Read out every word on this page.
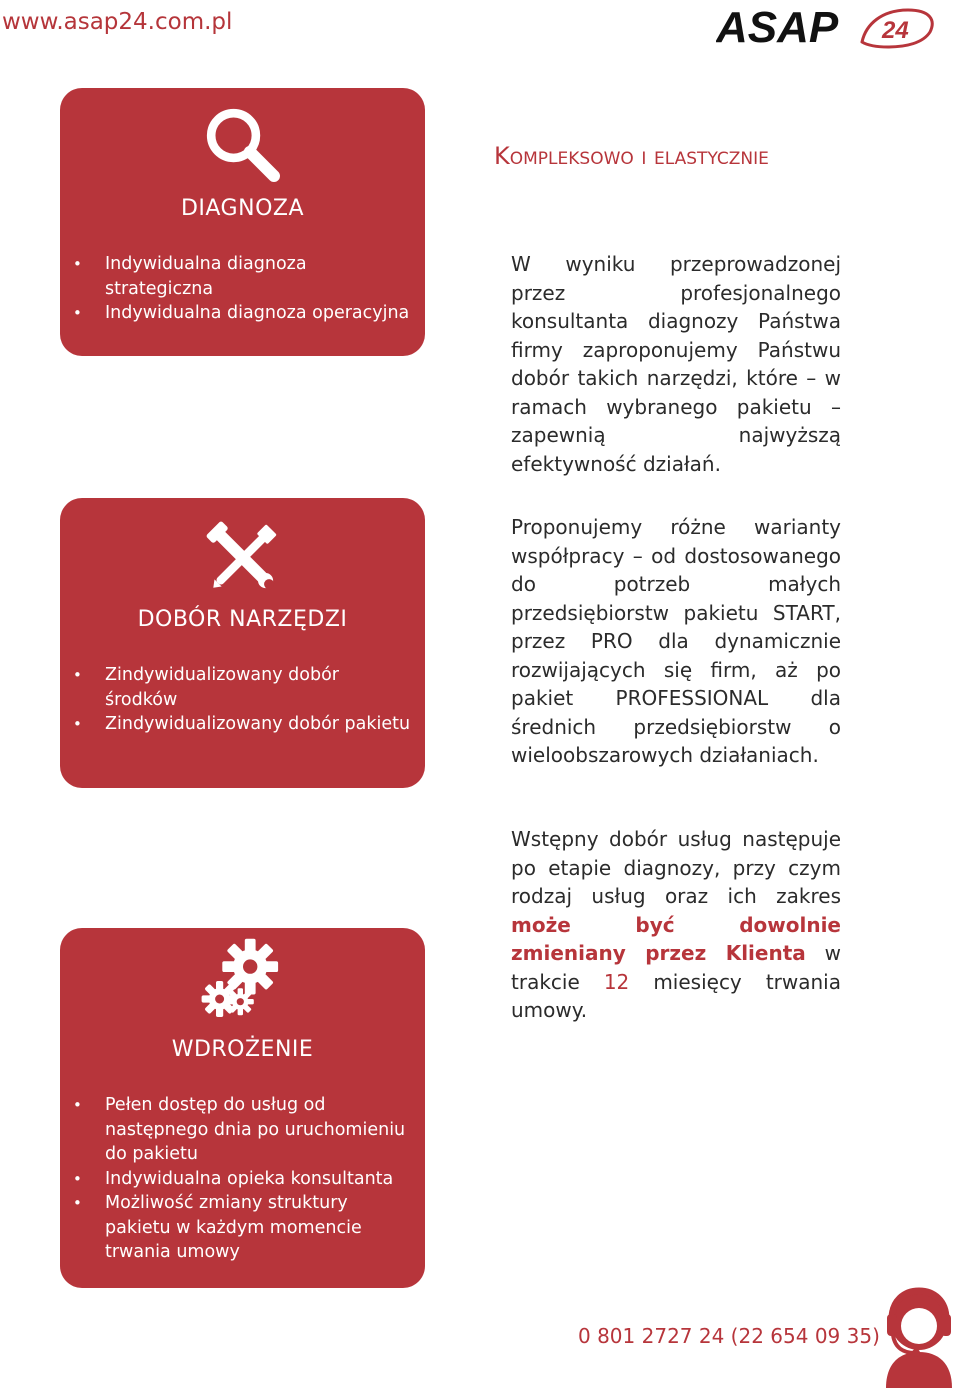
www.asap24.com.pl	ASAP 24
DIAGNOZA
• Indywidualna diagnoza strategiczna
• Indywidualna diagnoza operacyjna
DOBÓR NARZĘDZI
• Zindywidualizowany dobór środków
• Zindywidualizowany dobór pakietu
WDROŻENIE
• Pełen dostęp do usług od następnego dnia po uruchomieniu do pakietu
• Indywidualna opieka konsultanta
• Możliwość zmiany struktury pakietu w każdym momencie trwania umowy
Kompleksowo i elastycznie

W wyniku przeprowadzonej przez profesjonalnego konsultanta diagnozy Państwa firmy zaproponujemy Państwu dobór takich narzędzi, które – w ramach wybranego pakietu – zapewnią najwyższą efektywność działań.

Proponujemy różne warianty współpracy – od dostosowanego do potrzeb małych przedsiębiorstw pakietu START, przez PRO dla dynamicznie rozwijających się firm, aż po pakiet PROFESSIONAL dla średnich przedsiębiorstw o wieloobszarowych działaniach.

Wstępny dobór usług następuje po etapie diagnozy, przy czym rodzaj usług oraz ich zakres może być dowolnie zmieniany przez Klienta w trakcie 12 miesięcy trwania umowy.

0 801 2727 24 (22 654 09 35)
